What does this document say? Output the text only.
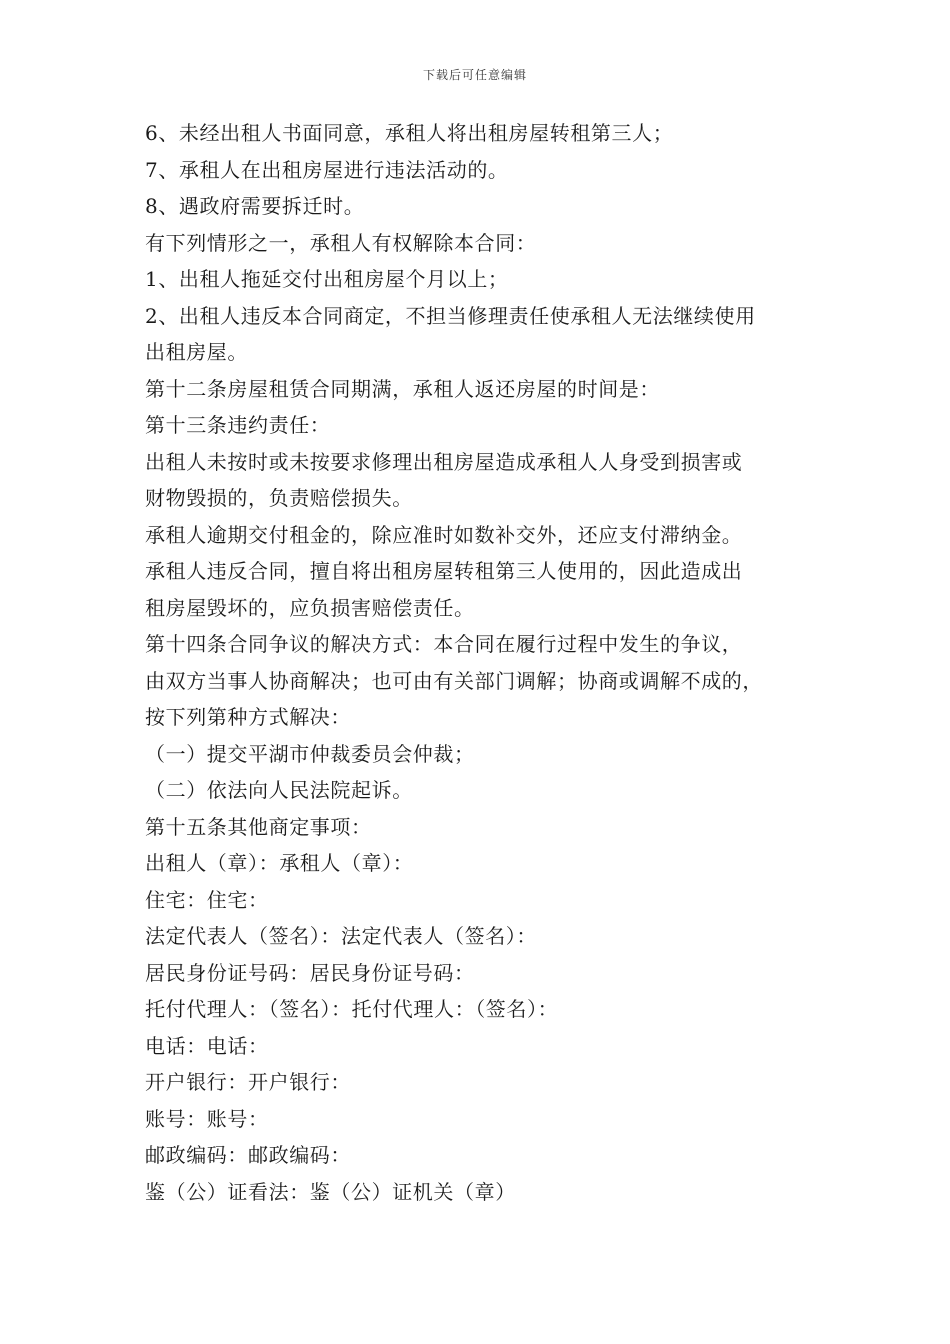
下载后可任意编辑
6、未经出租人书面同意，承租人将出租房屋转租第三人；
7、承租人在出租房屋进行违法活动的。
8、遇政府需要拆迁时。
有下列情形之一，承租人有权解除本合同：
1、出租人拖延交付出租房屋个月以上；
2、出租人违反本合同商定，不担当修理责任使承租人无法继续使用
出租房屋。
第十二条房屋租赁合同期满，承租人返还房屋的时间是：
第十三条违约责任：
出租人未按时或未按要求修理出租房屋造成承租人人身受到损害或
财物毁损的，负责赔偿损失。
承租人逾期交付租金的，除应准时如数补交外，还应支付滞纳金。
承租人违反合同，擅自将出租房屋转租第三人使用的，因此造成出
租房屋毁坏的，应负损害赔偿责任。
第十四条合同争议的解决方式：本合同在履行过程中发生的争议，
由双方当事人协商解决；也可由有关部门调解；协商或调解不成的，
按下列第种方式解决：
（一）提交平湖市仲裁委员会仲裁；
（二）依法向人民法院起诉。
第十五条其他商定事项：
出租人（章）：承租人（章）：
住宅：住宅：
法定代表人（签名）：法定代表人（签名）：
居民身份证号码：居民身份证号码：
托付代理人：（签名）：托付代理人：（签名）：
电话：电话：
开户银行：开户银行：
账号：账号：
邮政编码：邮政编码：
鉴（公）证看法：鉴（公）证机关（章）
